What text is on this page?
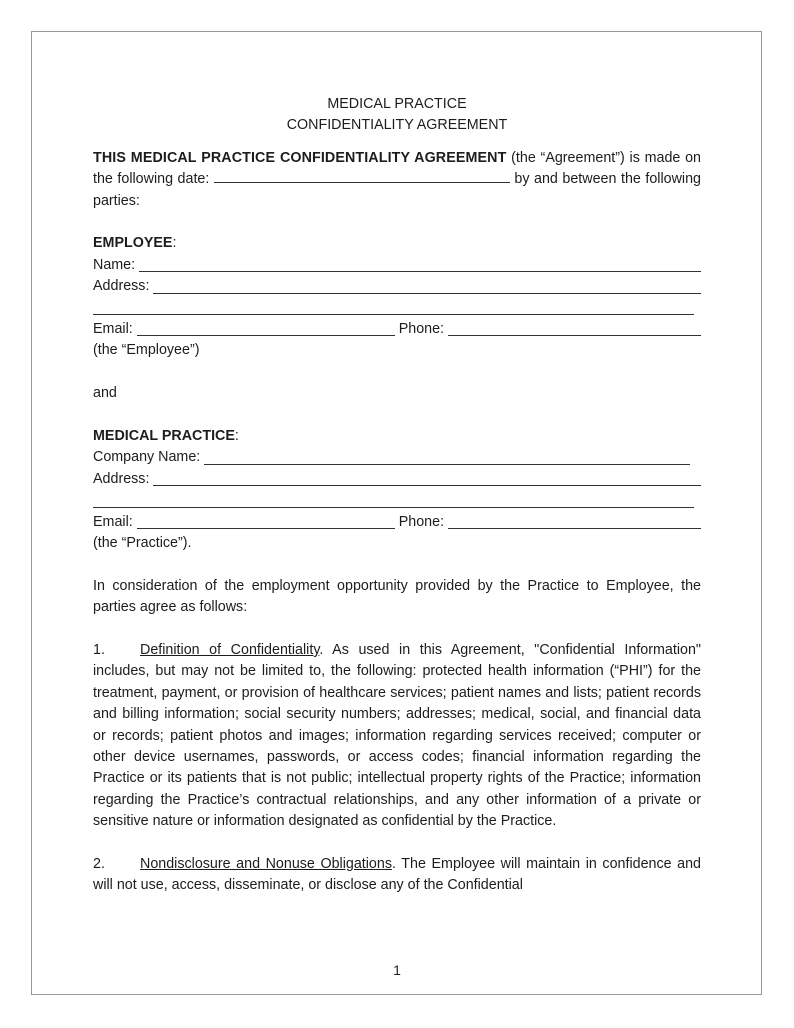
MEDICAL PRACTICE

CONFIDENTIALITY AGREEMENT

THIS MEDICAL PRACTICE CONFIDENTIALITY AGREEMENT (the “Agreement”) is made on the following date:	by and between the following parties:

EMPLOYEE:

Name:
Address:
Email:	Phone:

(the “Employee”)

and

MEDICAL PRACTICE:

Company Name:
Address:
Email:	Phone:

(the “Practice”).

In consideration of the employment opportunity provided by the Practice to Employee, the parties agree as follows:

1. Definition of Confidentiality. As used in this Agreement, "Confidential Information" includes, but may not be limited to, the following: protected health information (“PHI”) for the treatment, payment, or provision of healthcare services; patient names and lists; patient records and billing information; social security numbers; addresses; medical, social, and financial data or records; patient photos and images; information regarding services received; computer or other device usernames, passwords, or access codes; financial information regarding the Practice or its patients that is not public; intellectual property rights of the Practice; information regarding the Practice’s contractual relationships, and any other information of a private or sensitive nature or information designated as confidential by the Practice.

2. Nondisclosure and Nonuse Obligations. The Employee will maintain in confidence and will not use, access, disseminate, or disclose any of the Confidential

1
